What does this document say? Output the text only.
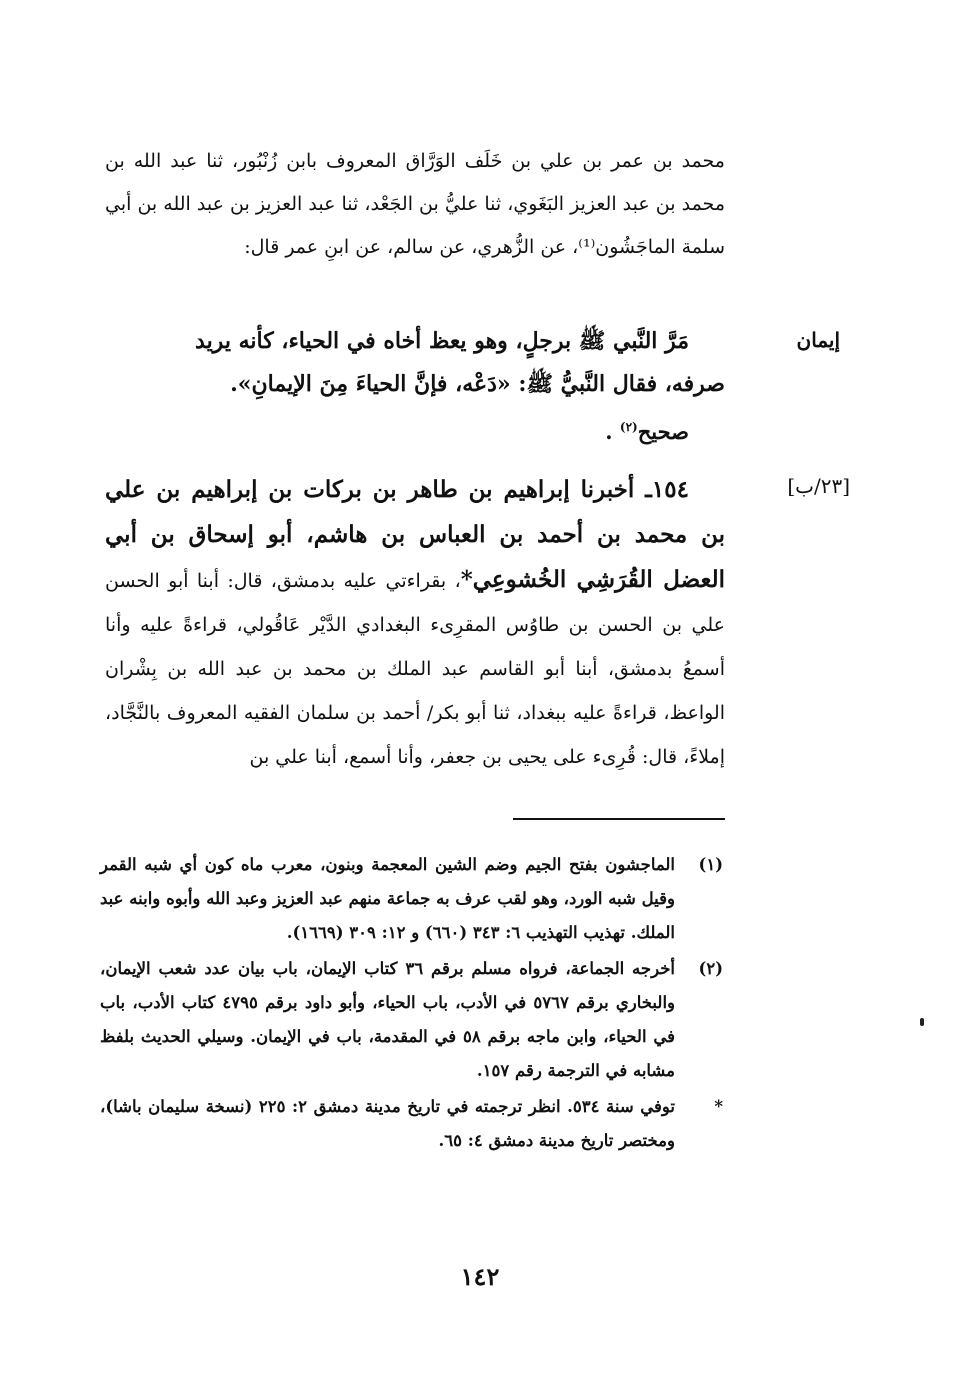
محمد بن عمر بن علي بن خَلَف الوَرَّاق المعروف بابن زُنْبُور، ثنا عبد الله بن محمد بن عبد العزيز البَغَوي، ثنا عليُّ بن الجَعْد، ثنا عبد العزيز بن عبد الله بن أبي سلمة الماجَشُون⁽¹⁾، عن الزُّهري، عن سالم، عن ابنِ عمر قال:
إيمان
مَرَّ النَّبي ﷺ برجلٍ، وهو يعظ أخاه في الحياء، كأنه يريد
صرفه، فقال النَّبيُّ ﷺ: «دَعْه، فإنَّ الحياءَ مِنَ الإيمانِ».
صحيح$^{(٢)}$ .
[٢٣/ب]
١٥٤ـ أخبرنا إبراهيم بن طاهر بن بركات بن إبراهيم بن علي بن محمد بن أحمد بن العباس بن هاشم، أبو إسحاق بن أبي العضل القُرَشِي الخُشوعِي*، بقراءتي عليه بدمشق، قال: أبنا أبو الحسن علي بن الحسن بن طاوُس المقرِىء البغدادي الدَّيْر عَاقُولي، قراءةً عليه وأنا أسمعُ بدمشق، أبنا أبو القاسم عبد الملك بن محمد بن عبد الله بن بِشْران الواعظ، قراءةً عليه ببغداد، ثنا أبو بكر/ أحمد بن سلمان الفقيه المعروف بالنَّجَّاد، إملاءً، قال: قُرِىء على يحيى بن جعفر، وأنا أسمع، أبنا علي بن
(١)
الماجشون بفتح الجيم وضم الشين المعجمة وبنون، معرب ماه كون أي شبه القمر وقيل شبه الورد، وهو لقب عرف به جماعة منهم عبد العزيز وعبد الله وأبوه وابنه عبد الملك. تهذيب التهذيب ٦: ٣٤٣ (٦٦٠) و ١٢: ٣٠٩ (١٦٦٩).
(٢)
أخرجه الجماعة، فرواه مسلم برقم ٣٦ كتاب الإيمان، باب بيان عدد شعب الإيمان، والبخاري برقم ٥٧٦٧ في الأدب، باب الحياء، وأبو داود برقم ٤٧٩٥ كتاب الأدب، باب في الحياء، وابن ماجه برقم ٥٨ في المقدمة، باب في الإيمان. وسيلي الحديث بلفظ مشابه في الترجمة رقم ١٥٧.
*
توفي سنة ٥٣٤. انظر ترجمته في تاريخ مدينة دمشق ٢: ٢٢٥ (نسخة سليمان باشا)، ومختصر تاريخ مدينة دمشق ٤: ٦٥.
١٤٢
